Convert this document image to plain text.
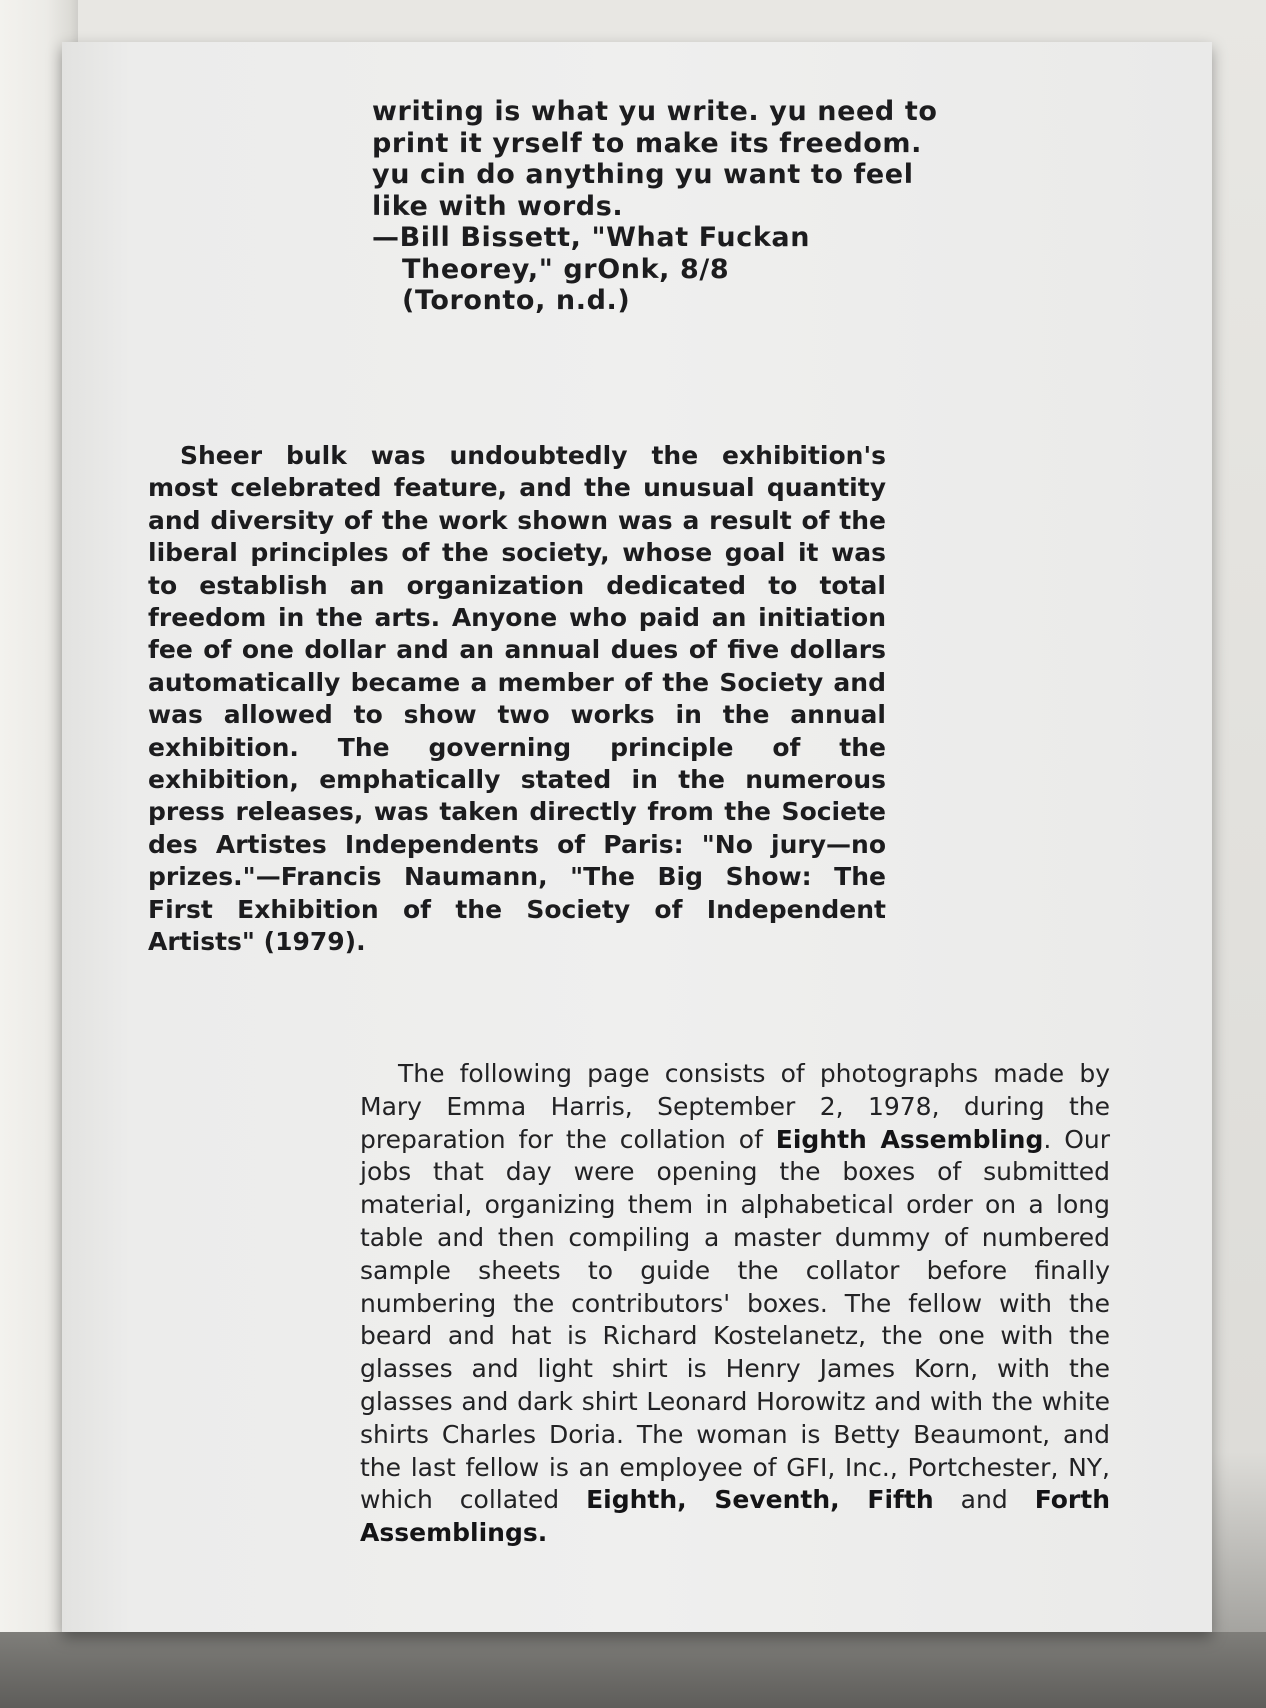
writing is what yu write. yu need to
print it yrself to make its freedom.
yu cin do anything yu want to feel
like with words.
—Bill Bissett, "What Fuckan
Theorey," grOnk, 8/8
(Toronto, n.d.)

Sheer bulk was undoubtedly the exhibition's most celebrated feature, and the unusual quantity and diversity of the work shown was a result of the liberal principles of the society, whose goal it was to establish an organization dedicated to total freedom in the arts. Anyone who paid an initiation fee of one dollar and an annual dues of five dollars automatically became a member of the Society and was allowed to show two works in the annual exhibition. The governing principle of the exhibition, emphatically stated in the numerous press releases, was taken directly from the Societe des Artistes Independents of Paris: "No jury—no prizes."—Francis Naumann, "The Big Show: The First Exhibition of the Society of Independent Artists" (1979).

The following page consists of photographs made by Mary Emma Harris, September 2, 1978, during the preparation for the collation of Eighth Assembling. Our jobs that day were opening the boxes of submitted material, organizing them in alphabetical order on a long table and then compiling a master dummy of numbered sample sheets to guide the collator before finally numbering the contributors' boxes. The fellow with the beard and hat is Richard Kostelanetz, the one with the glasses and light shirt is Henry James Korn, with the glasses and dark shirt Leonard Horowitz and with the white shirts Charles Doria. The woman is Betty Beaumont, and the last fellow is an employee of GFI, Inc., Portchester, NY, which collated Eighth, Seventh, Fifth and Forth Assemblings.
